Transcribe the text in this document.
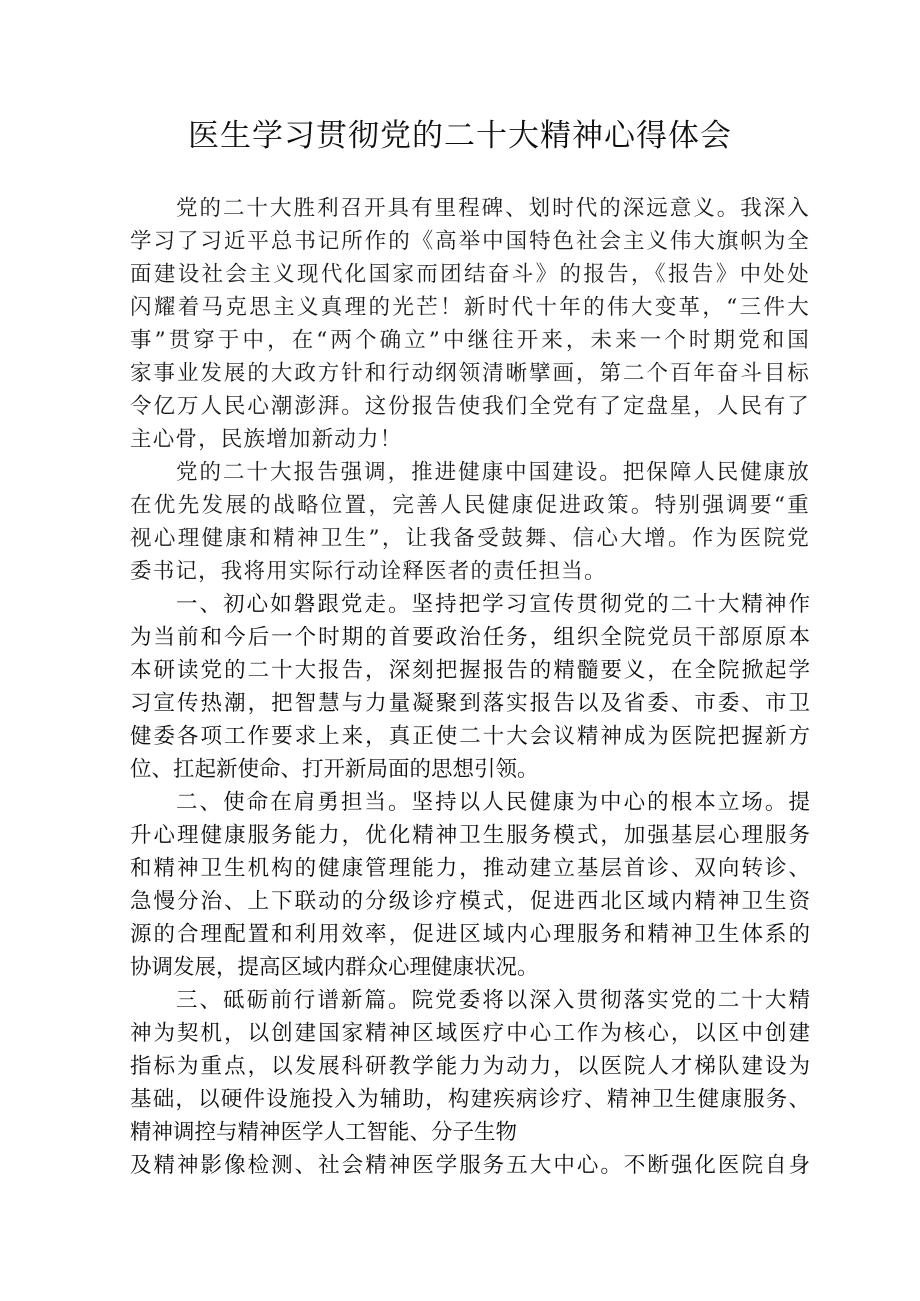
医生学习贯彻党的二十大精神心得体会
党的二十大胜利召开具有里程碑、划时代的深远意义。我深入
学习了习近平总书记所作的《高举中国特色社会主义伟大旗帜为全
面建设社会主义现代化国家而团结奋斗》的报告，《报告》中处处
闪耀着马克思主义真理的光芒！新时代十年的伟大变革，“三件大
事”贯穿于中，在“两个确立”中继往开来，未来一个时期党和国
家事业发展的大政方针和行动纲领清晰擘画，第二个百年奋斗目标
令亿万人民心潮澎湃。这份报告使我们全党有了定盘星，人民有了
主心骨，民族增加新动力！
党的二十大报告强调，推进健康中国建设。把保障人民健康放
在优先发展的战略位置，完善人民健康促进政策。特别强调要“重
视心理健康和精神卫生”，让我备受鼓舞、信心大增。作为医院党
委书记，我将用实际行动诠释医者的责任担当。
一、初心如磐跟党走。坚持把学习宣传贯彻党的二十大精神作
为当前和今后一个时期的首要政治任务，组织全院党员干部原原本
本研读党的二十大报告，深刻把握报告的精髓要义，在全院掀起学
习宣传热潮，把智慧与力量凝聚到落实报告以及省委、市委、市卫
健委各项工作要求上来，真正使二十大会议精神成为医院把握新方
位、扛起新使命、打开新局面的思想引领。
二、使命在肩勇担当。坚持以人民健康为中心的根本立场。提
升心理健康服务能力，优化精神卫生服务模式，加强基层心理服务
和精神卫生机构的健康管理能力，推动建立基层首诊、双向转诊、
急慢分治、上下联动的分级诊疗模式，促进西北区域内精神卫生资
源的合理配置和利用效率，促进区域内心理服务和精神卫生体系的
协调发展，提高区域内群众心理健康状况。
三、砥砺前行谱新篇。院党委将以深入贯彻落实党的二十大精
神为契机，以创建国家精神区域医疗中心工作为核心，以区中创建
指标为重点，以发展科研教学能力为动力，以医院人才梯队建设为
基础，以硬件设施投入为辅助，构建疾病诊疗、精神卫生健康服务、
精神调控与精神医学人工智能、分子生物
及精神影像检测、社会精神医学服务五大中心。不断强化医院自身
